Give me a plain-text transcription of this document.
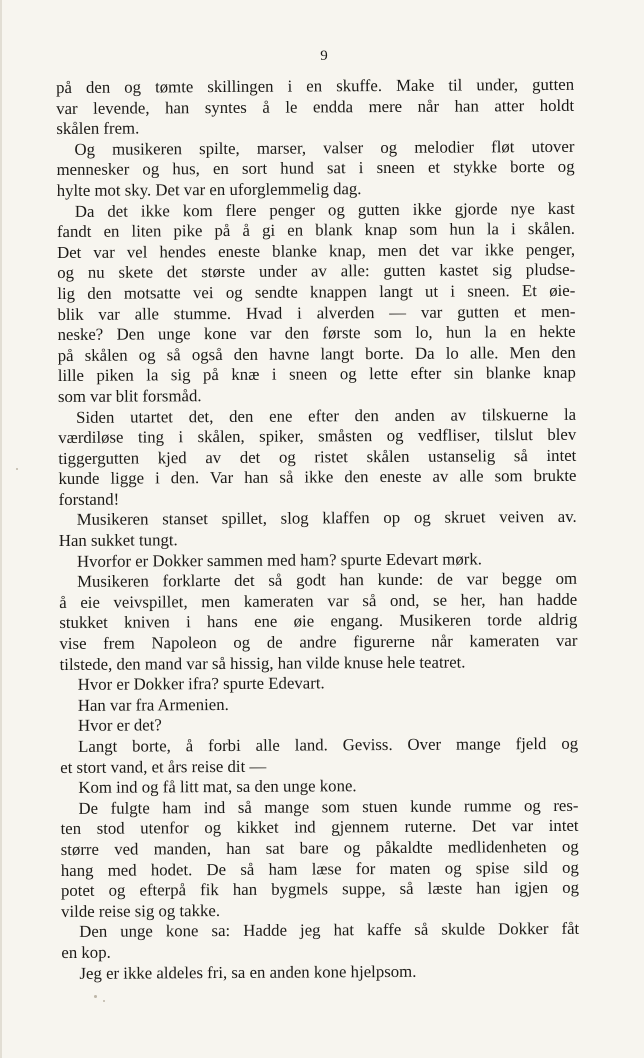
9
på den og tømte skillingen i en skuffe. Make til under, gutten
var levende, han syntes å le endda mere når han atter holdt
skålen frem.
Og musikeren spilte, marser, valser og melodier fløt utover
mennesker og hus, en sort hund sat i sneen et stykke borte og
hylte mot sky. Det var en uforglemmelig dag.
Da det ikke kom flere penger og gutten ikke gjorde nye kast
fandt en liten pike på å gi en blank knap som hun la i skålen.
Det var vel hendes eneste blanke knap, men det var ikke penger,
og nu skete det største under av alle: gutten kastet sig pludse-
lig den motsatte vei og sendte knappen langt ut i sneen. Et øie-
blik var alle stumme. Hvad i alverden — var gutten et men-
neske? Den unge kone var den første som lo, hun la en hekte
på skålen og så også den havne langt borte. Da lo alle. Men den
lille piken la sig på knæ i sneen og lette efter sin blanke knap
som var blit forsmåd.
Siden utartet det, den ene efter den anden av tilskuerne la
værdiløse ting i skålen, spiker, småsten og vedfliser, tilslut blev
tiggergutten kjed av det og ristet skålen ustanselig så intet
kunde ligge i den. Var han så ikke den eneste av alle som brukte
forstand!
Musikeren stanset spillet, slog klaffen op og skruet veiven av.
Han sukket tungt.
Hvorfor er Dokker sammen med ham? spurte Edevart mørk.
Musikeren forklarte det så godt han kunde: de var begge om
å eie veivspillet, men kameraten var så ond, se her, han hadde
stukket kniven i hans ene øie engang. Musikeren torde aldrig
vise frem Napoleon og de andre figurerne når kameraten var
tilstede, den mand var så hissig, han vilde knuse hele teatret.
Hvor er Dokker ifra? spurte Edevart.
Han var fra Armenien.
Hvor er det?
Langt borte, å forbi alle land. Geviss. Over mange fjeld og
et stort vand, et års reise dit —
Kom ind og få litt mat, sa den unge kone.
De fulgte ham ind så mange som stuen kunde rumme og res-
ten stod utenfor og kikket ind gjennem ruterne. Det var intet
større ved manden, han sat bare og påkaldte medlidenheten og
hang med hodet. De så ham læse for maten og spise sild og
potet og efterpå fik han bygmels suppe, så læste han igjen og
vilde reise sig og takke.
Den unge kone sa: Hadde jeg hat kaffe så skulde Dokker fåt
en kop.
Jeg er ikke aldeles fri, sa en anden kone hjelpsom.
